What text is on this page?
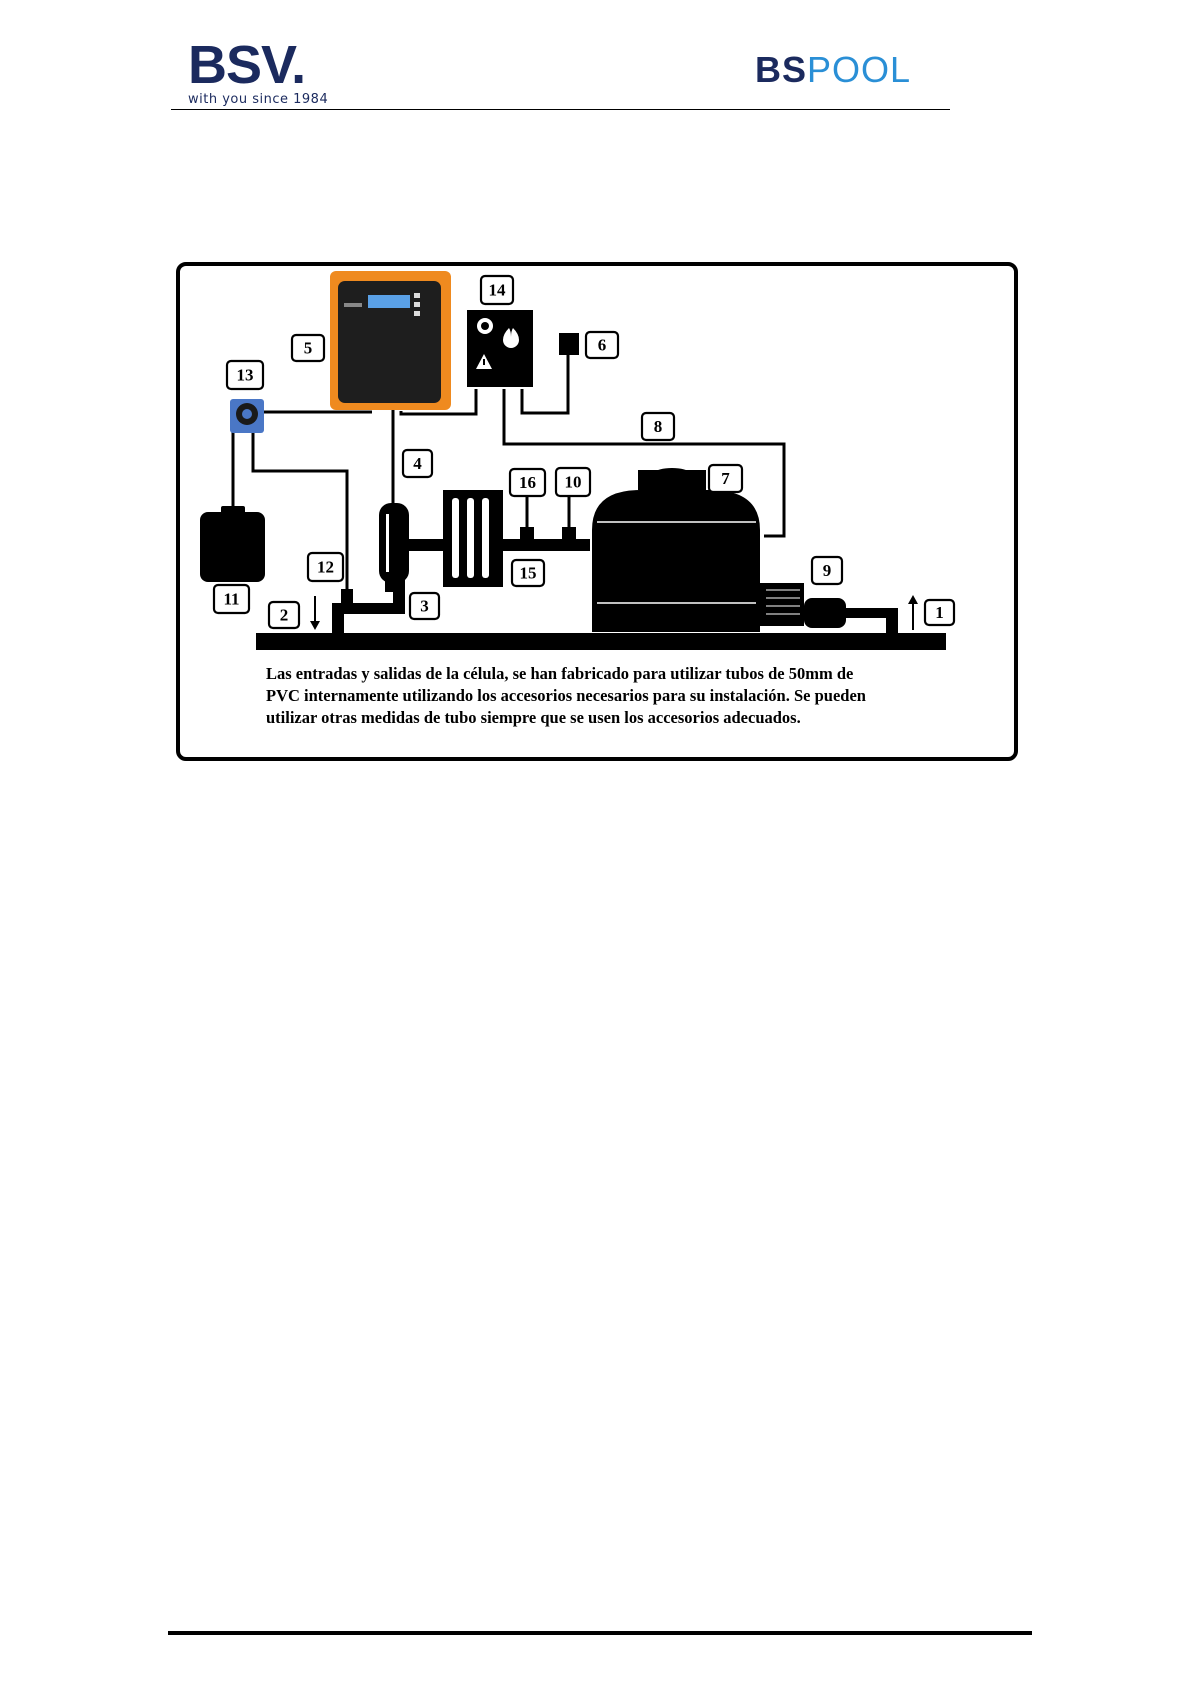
BSV.
with you since 1984
BSPOOL
1
2	3
4
5	6
7
8
9
10
11
12
13
14
15
16

Las entradas y salidas de la célula, se han fabricado para utilizar tubos de 50mm de

PVC internamente utilizando los accesorios necesarios para su instalación. Se pueden

utilizar otras medidas de tubo siempre que se usen los accesorios adecuados.
